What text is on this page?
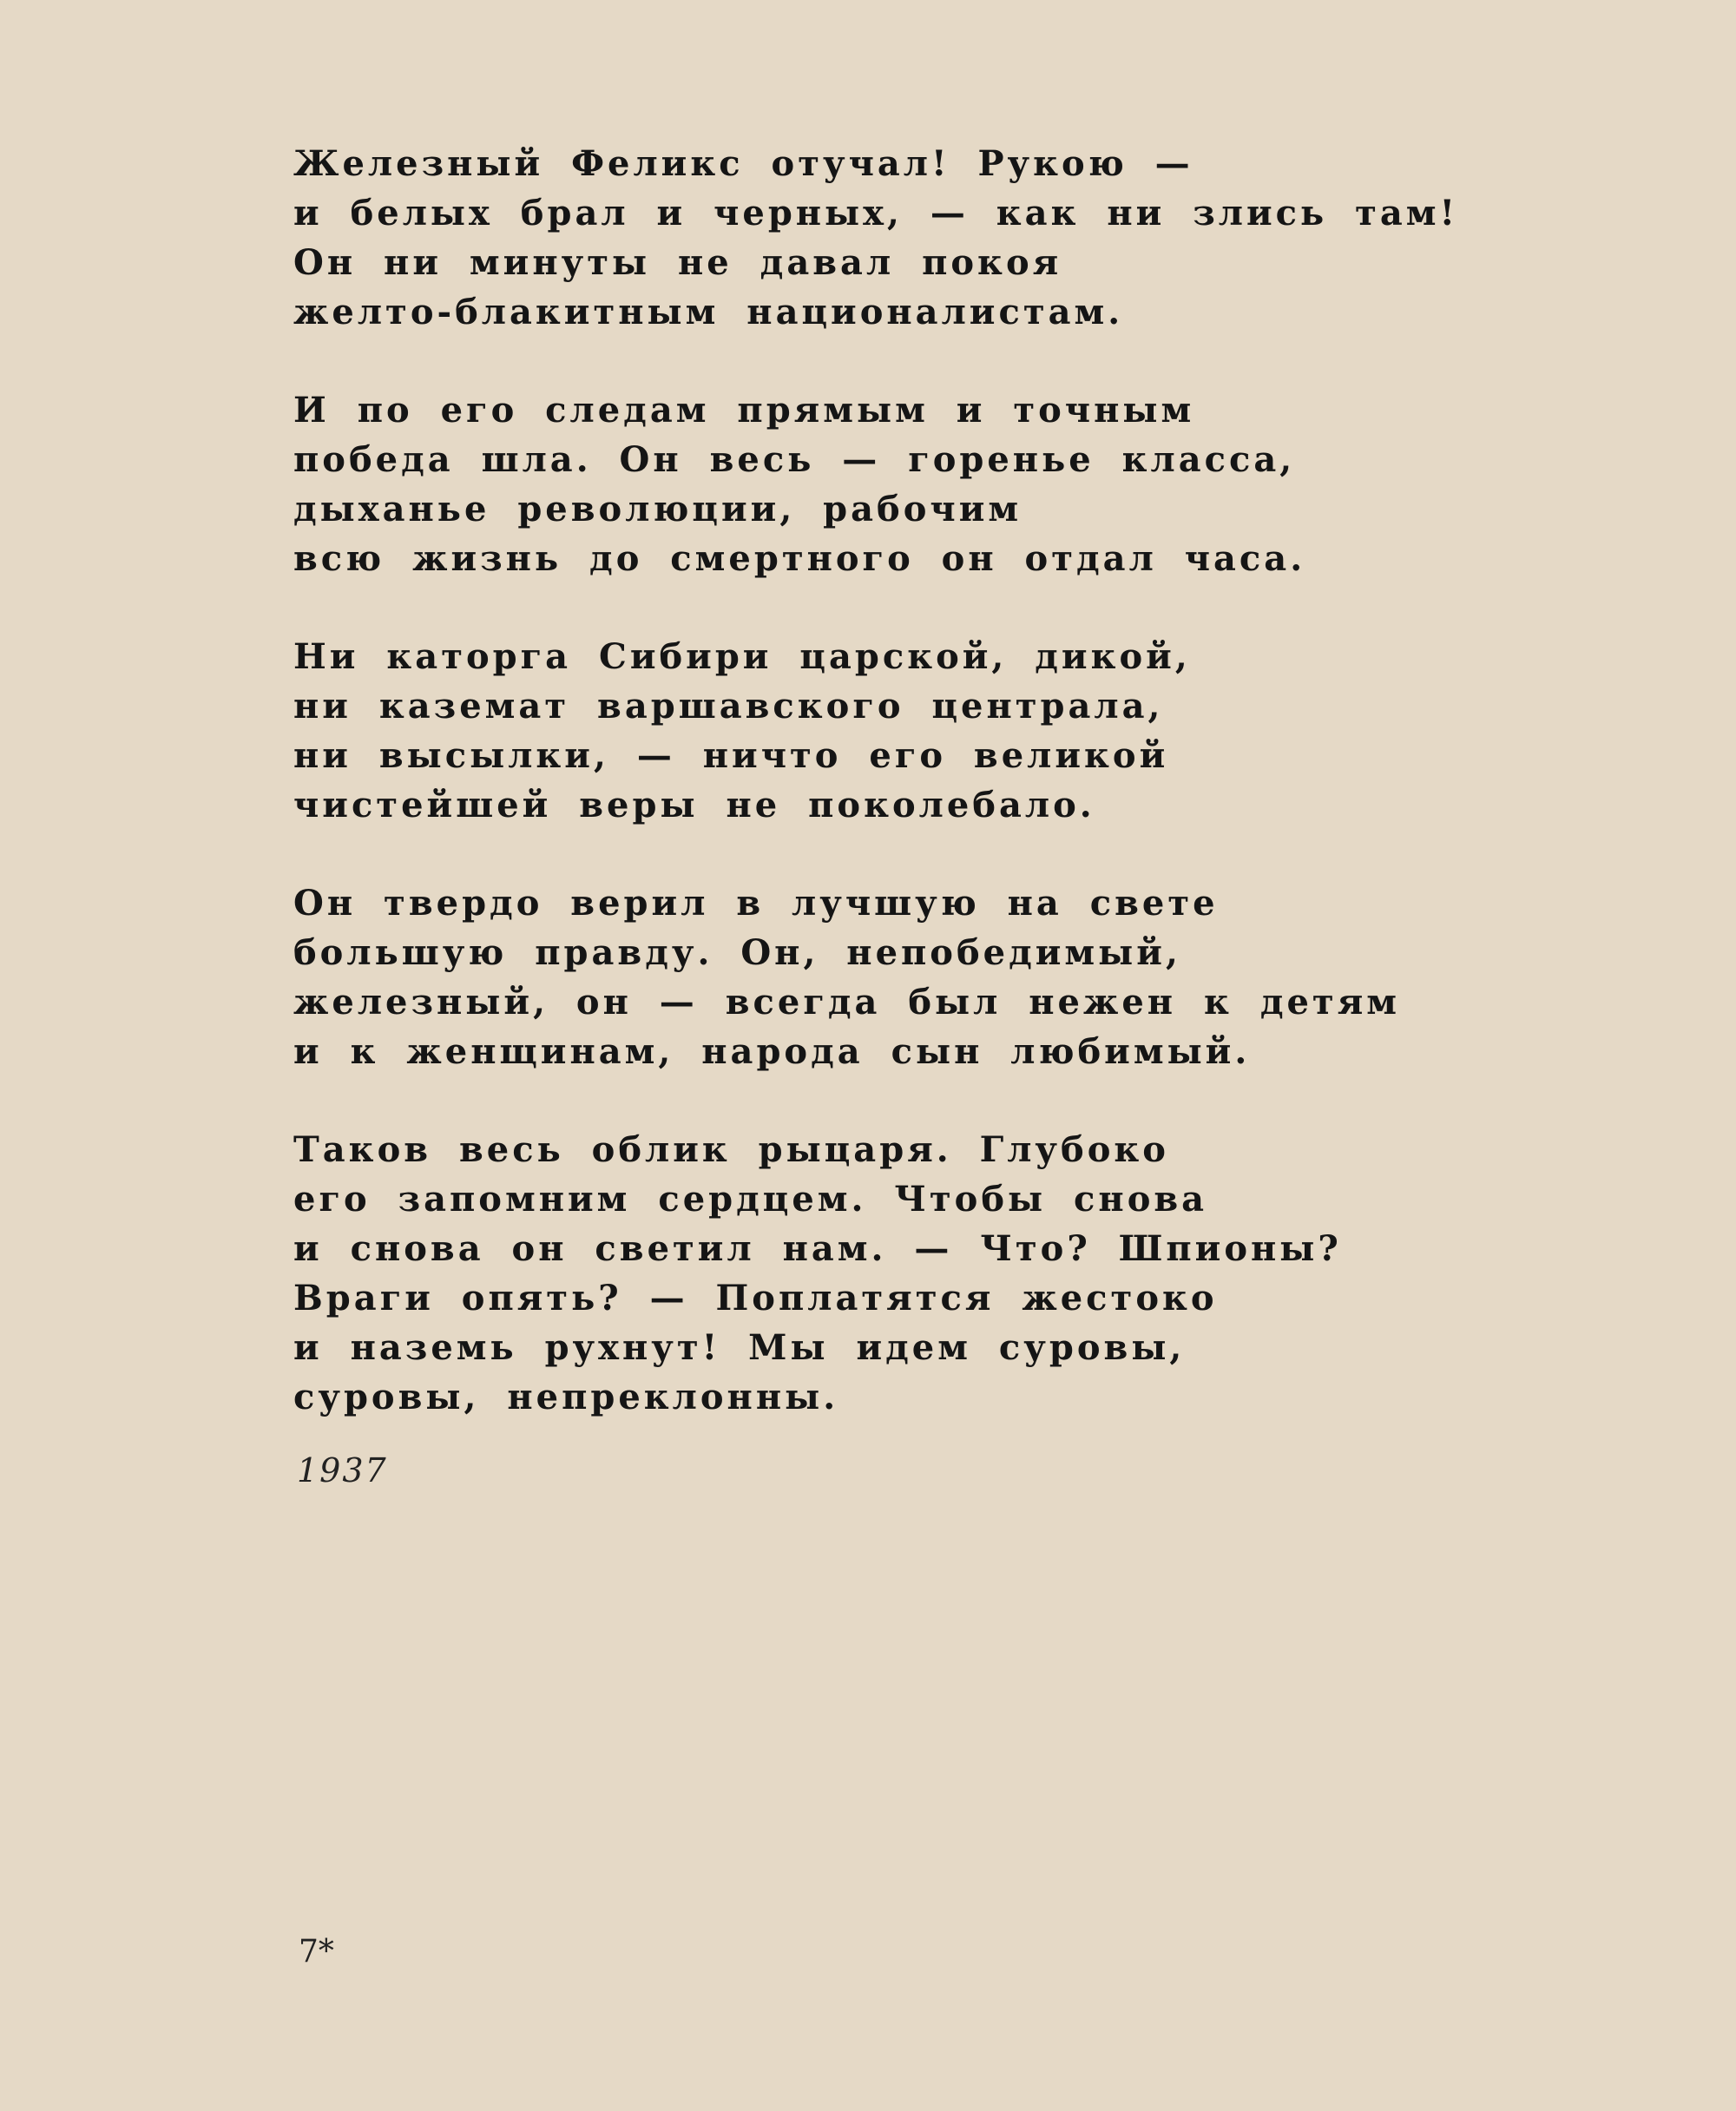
Железный Феликс отучал! Рукою —
и белых брал и черных, — как ни злись там!
Он ни минуты не давал покоя
желто-блакитным националистам.
И по его следам прямым и точным
победа шла. Он весь — горенье класса,
дыханье революции, рабочим
всю жизнь до смертного он отдал часа.
Ни каторга Сибири царской, дикой,
ни каземат варшавского централа,
ни высылки, — ничто его великой
чистейшей веры не поколебало.
Он твердо верил в лучшую на свете
большую правду. Он, непобедимый,
железный, он — всегда был нежен к детям
и к женщинам, народа сын любимый.
Таков весь облик рыцаря. Глубоко
его запомним сердцем. Чтобы снова
и снова он светил нам. — Что? Шпионы?
Враги опять? — Поплатятся жестоко
и наземь рухнут! Мы идем суровы,
суровы, непреклонны.
1937
7*
